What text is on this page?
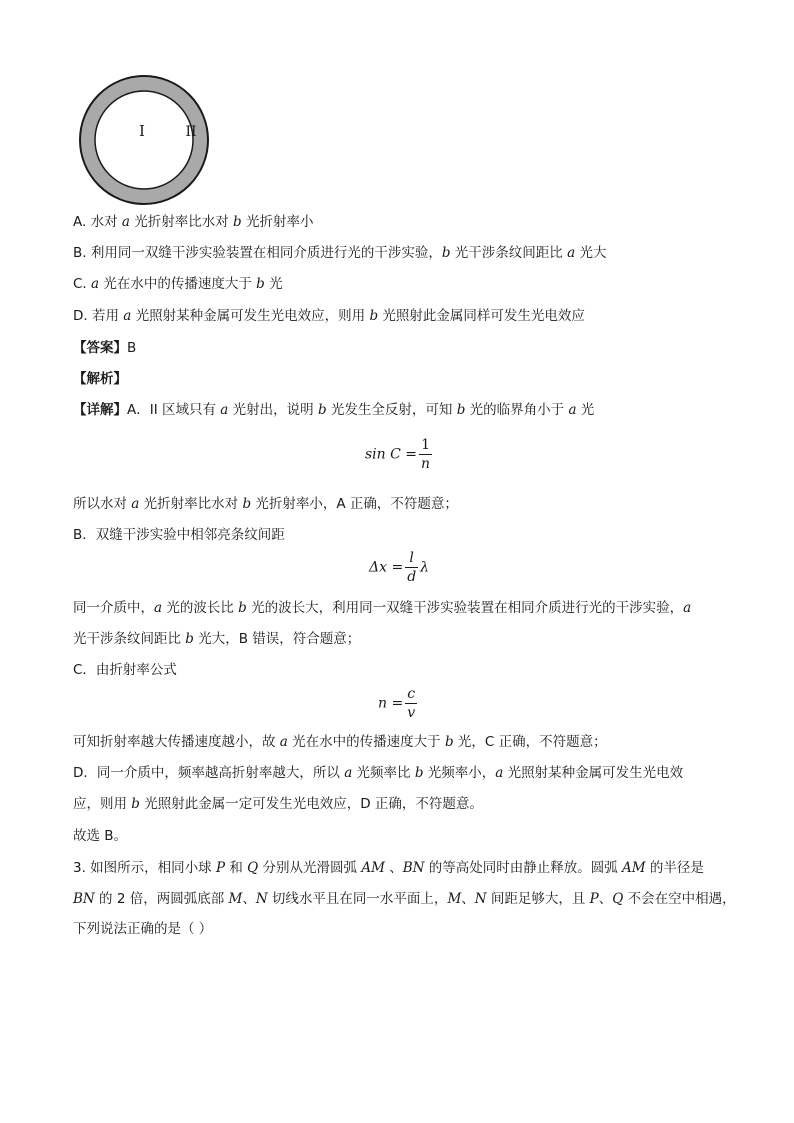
I	II
A. 水对 a 光折射率比水对 b 光折射率小
B. 利用同一双缝干涉实验装置在相同介质进行光的干涉实验，b 光干涉条纹间距比 a 光大
C. a 光在水中的传播速度大于 b 光
D. 若用 a 光照射某种金属可发生光电效应，则用 b 光照射此金属同样可发生光电效应
【答案】B
【解析】
【详解】A．II 区域只有 a 光射出，说明 b 光发生全反射，可知 b 光的临界角小于 a 光
$\sin C = \frac{1}{n}$
所以水对 a 光折射率比水对 b 光折射率小，A 正确，不符题意；
B．双缝干涉实验中相邻亮条纹间距
$\Delta x = \frac{l}{d}$ λ
同一介质中，a 光的波长比 b 光的波长大，利用同一双缝干涉实验装置在相同介质进行光的干涉实验，a
光干涉条纹间距比 b 光大，B 错误，符合题意；
C．由折射率公式
$n = \frac{c}{v}$
可知折射率越大传播速度越小，故 a 光在水中的传播速度大于 b 光，C 正确，不符题意；
D．同一介质中，频率越高折射率越大，所以 a 光频率比 b 光频率小，a 光照射某种金属可发生光电效
应，则用 b 光照射此金属一定可发生光电效应，D 正确，不符题意。
故选 B。
3. 如图所示，相同小球 P 和 Q 分别从光滑圆弧 AM 、BN 的等高处同时由静止释放。圆弧 AM 的半径是
BN 的 2 倍，两圆弧底部 M、N 切线水平且在同一水平面上，M、N 间距足够大，且 P、Q 不会在空中相遇，
下列说法正确的是（ ）
